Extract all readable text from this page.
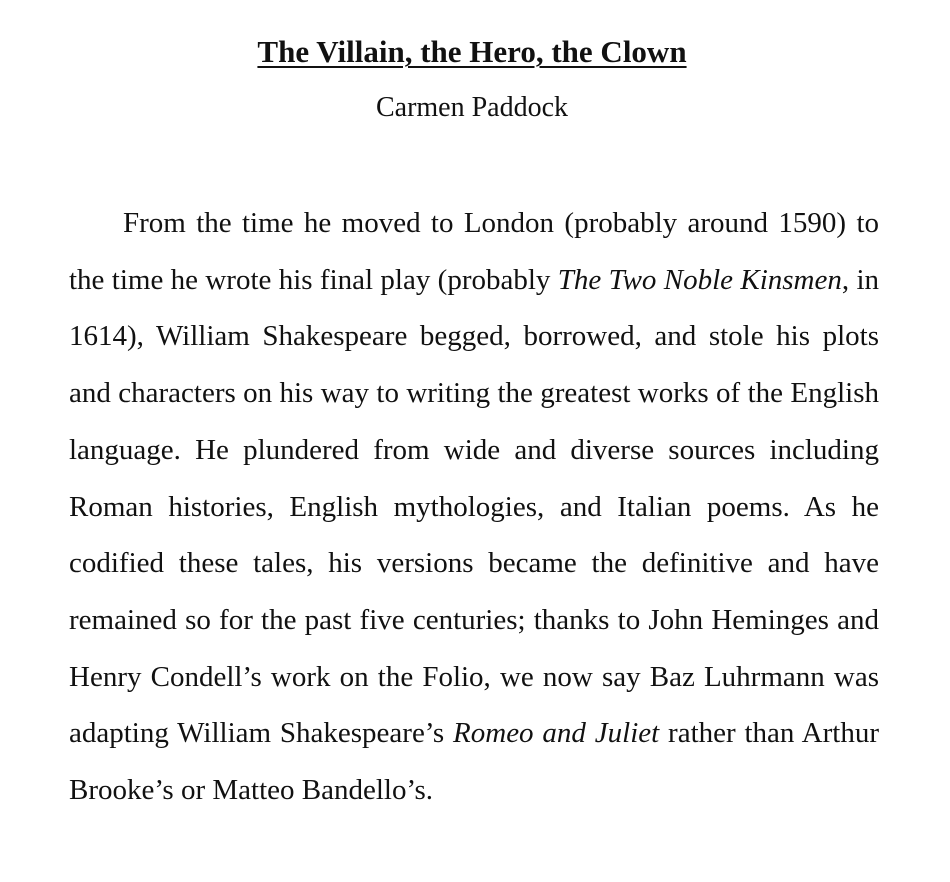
The Villain, the Hero, the Clown
Carmen Paddock

From the time he moved to London (probably around 1590) to the time he wrote his final play (probably The Two Noble Kinsmen, in 1614), William Shakespeare begged, borrowed, and stole his plots and characters on his way to writing the greatest works of the English language. He plundered from wide and diverse sources including Roman histories, English mythologies, and Italian poems. As he codified these tales, his versions became the definitive and have remained so for the past five centuries; thanks to John Heminges and Henry Condell’s work on the Folio, we now say Baz Luhrmann was adapting William Shakespeare’s Romeo and Juliet rather than Arthur Brooke’s or Matteo Bandello’s.
